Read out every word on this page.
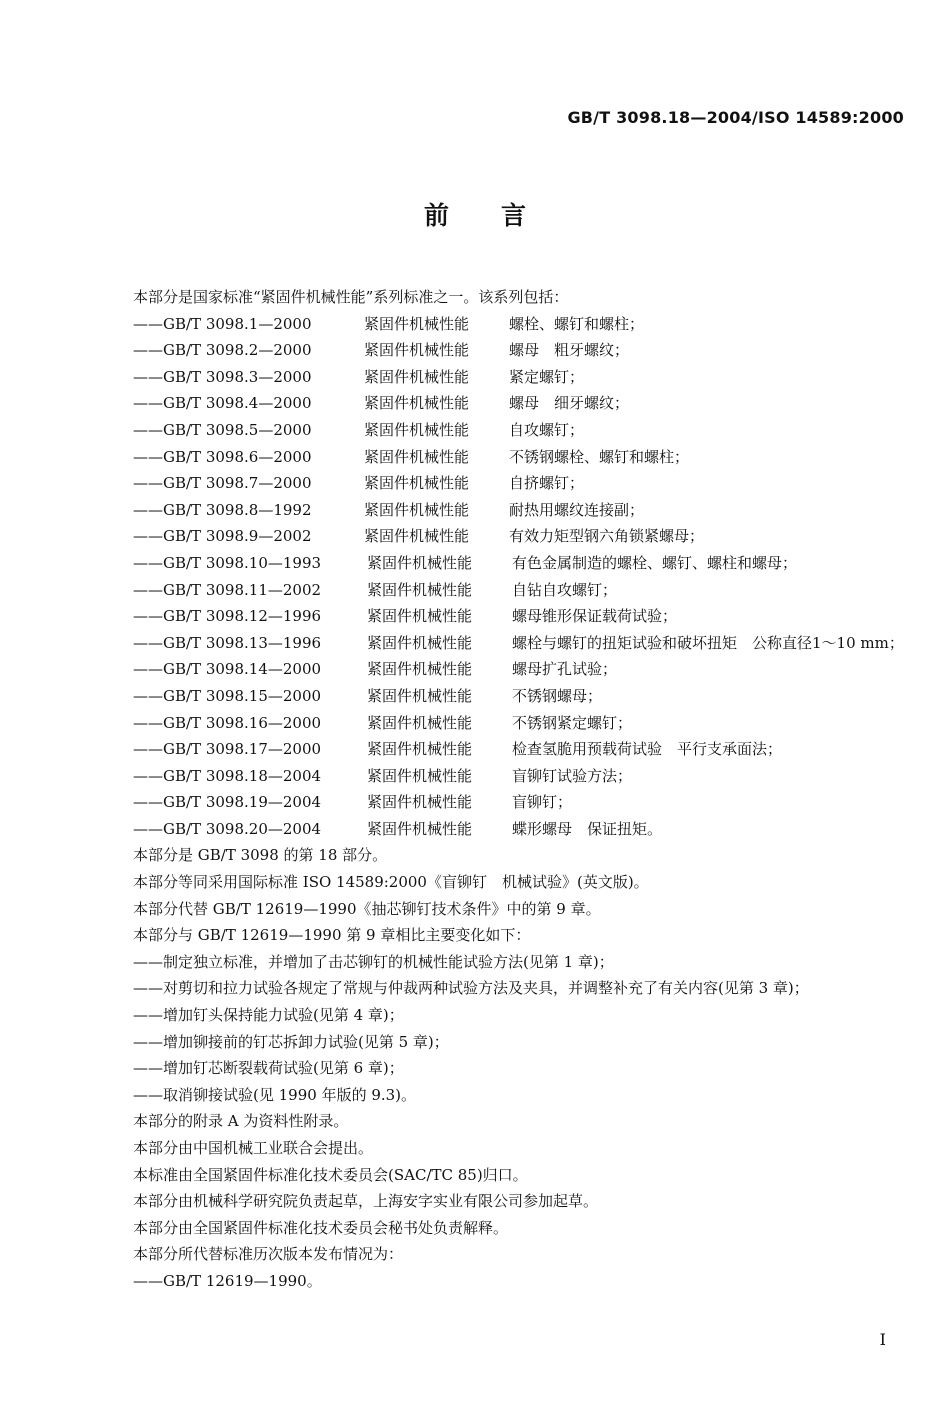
GB/T 3098.18—2004/ISO 14589:2000
前言
本部分是国家标准“紧固件机械性能”系列标准之一。该系列包括：
——GB/T 3098.1—2000	紧固件机械性能	螺栓、螺钉和螺柱；
——GB/T 3098.2—2000	紧固件机械性能	螺母　粗牙螺纹；
——GB/T 3098.3—2000	紧固件机械性能	紧定螺钉；
——GB/T 3098.4—2000	紧固件机械性能	螺母　细牙螺纹；
——GB/T 3098.5—2000	紧固件机械性能	自攻螺钉；
——GB/T 3098.6—2000	紧固件机械性能	不锈钢螺栓、螺钉和螺柱；
——GB/T 3098.7—2000	紧固件机械性能	自挤螺钉；
——GB/T 3098.8—1992	紧固件机械性能	耐热用螺纹连接副；
——GB/T 3098.9—2002	紧固件机械性能	有效力矩型钢六角锁紧螺母；
——GB/T 3098.10—1993	紧固件机械性能	有色金属制造的螺栓、螺钉、螺柱和螺母；
——GB/T 3098.11—2002	紧固件机械性能	自钻自攻螺钉；
——GB/T 3098.12—1996	紧固件机械性能	螺母锥形保证载荷试验；
——GB/T 3098.13—1996	紧固件机械性能	螺栓与螺钉的扭矩试验和破坏扭矩　公称直径1～10 mm；
——GB/T 3098.14—2000	紧固件机械性能	螺母扩孔试验；
——GB/T 3098.15—2000	紧固件机械性能	不锈钢螺母；
——GB/T 3098.16—2000	紧固件机械性能	不锈钢紧定螺钉；
——GB/T 3098.17—2000	紧固件机械性能	检查氢脆用预载荷试验　平行支承面法；
——GB/T 3098.18—2004	紧固件机械性能	盲铆钉试验方法；
——GB/T 3098.19—2004	紧固件机械性能	盲铆钉；
——GB/T 3098.20—2004	紧固件机械性能	蝶形螺母　保证扭矩。
本部分是 GB/T 3098 的第 18 部分。
本部分等同采用国际标准 ISO 14589:2000《盲铆钉　机械试验》(英文版)。
本部分代替 GB/T 12619—1990《抽芯铆钉技术条件》中的第 9 章。
本部分与 GB/T 12619—1990 第 9 章相比主要变化如下：
——制定独立标准，并增加了击芯铆钉的机械性能试验方法(见第 1 章)；
——对剪切和拉力试验各规定了常规与仲裁两种试验方法及夹具，并调整补充了有关内容(见第 3 章)；
——增加钉头保持能力试验(见第 4 章)；
——增加铆接前的钉芯拆卸力试验(见第 5 章)；
——增加钉芯断裂载荷试验(见第 6 章)；
——取消铆接试验(见 1990 年版的 9.3)。
本部分的附录 A 为资料性附录。
本部分由中国机械工业联合会提出。
本标准由全国紧固件标准化技术委员会(SAC/TC 85)归口。
本部分由机械科学研究院负责起草，上海安字实业有限公司参加起草。
本部分由全国紧固件标准化技术委员会秘书处负责解释。
本部分所代替标准历次版本发布情况为：
——GB/T 12619—1990。
I
